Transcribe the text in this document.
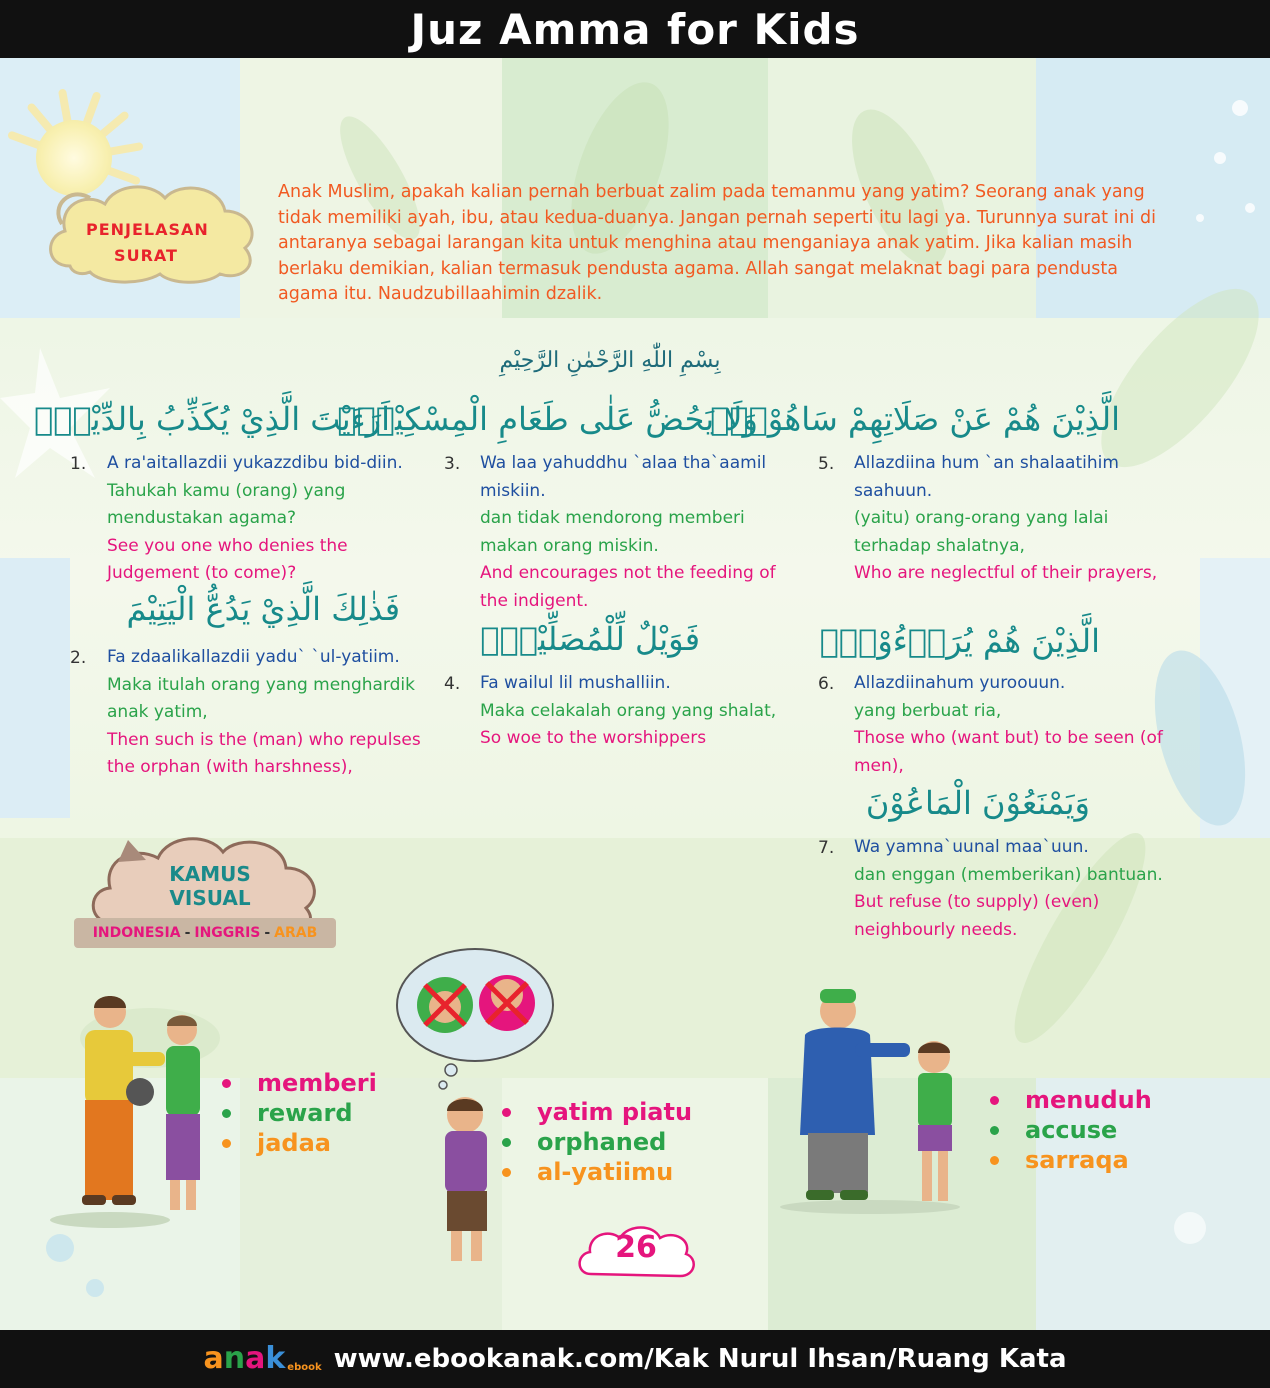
Juz Amma for Kids
PENJELASAN
SURAT
Anak Muslim, apakah kalian pernah berbuat zalim pada temanmu yang yatim? Seorang anak yang tidak memiliki ayah, ibu, atau kedua-duanya. Jangan pernah seperti itu lagi ya. Turunnya surat ini di antaranya sebagai larangan kita untuk menghina atau menganiaya anak yatim. Jika kalian masih berlaku demikian, kalian termasuk pendusta agama. Allah sangat melaknat bagi para pendusta agama itu. Naudzubillaahimin dzalik.
بِسْمِ اللّٰهِ الرَّحْمٰنِ الرَّحِيْمِ
اَرَءَيْتَ الَّذِيْ يُكَذِّبُ بِالدِّيْنِۗ
1. A ra'aitallazdii yukazzdibu bid-diin.
Tahukah kamu (orang) yang mendustakan agama?
See you one who denies the Judgement (to come)?
فَذٰلِكَ الَّذِيْ يَدُعُّ الْيَتِيْمَ
2. Fa zdaalikallazdii yadu` `ul-yatiim.
Maka itulah orang yang menghardik anak yatim,
Then such is the (man) who repulses the orphan (with harshness),
وَلَا يَحُضُّ عَلٰى طَعَامِ الْمِسْكِيْنِۗ
3. Wa laa yahuddhu `alaa tha`aamil miskiin.
dan tidak mendorong memberi makan orang miskin.
And encourages not the feeding of the indigent.
فَوَيْلٌ لِّلْمُصَلِّيْنَۙ
4. Fa wailul lil mushalliin.
Maka celakalah orang yang shalat,
So woe to the worshippers
الَّذِيْنَ هُمْ عَنْ صَلَاتِهِمْ سَاهُوْنَۙ
5. Allazdiina hum `an shalaatihim saahuun.
(yaitu) orang-orang yang lalai terhadap shalatnya,
Who are neglectful of their prayers,
الَّذِيْنَ هُمْ يُرَاۤءُوْنَۙ
6. Allazdiinahum yuroouun.
yang berbuat ria,
Those who (want but) to be seen (of men),
وَيَمْنَعُوْنَ الْمَاعُوْنَ
7. Wa yamna`uunal maa`uun.
dan enggan (memberikan) bantuan.
But refuse (to supply) (even) neighbourly needs.
KAMUS
VISUAL
INDONESIA - INGGRIS - ARAB
memberi
reward
jadaa
yatim piatu
orphaned
al-yatiimu
menuduh
accuse
sarraqa
26
a n a k ebook www.ebookanak.com/Kak Nurul Ihsan/Ruang Kata
